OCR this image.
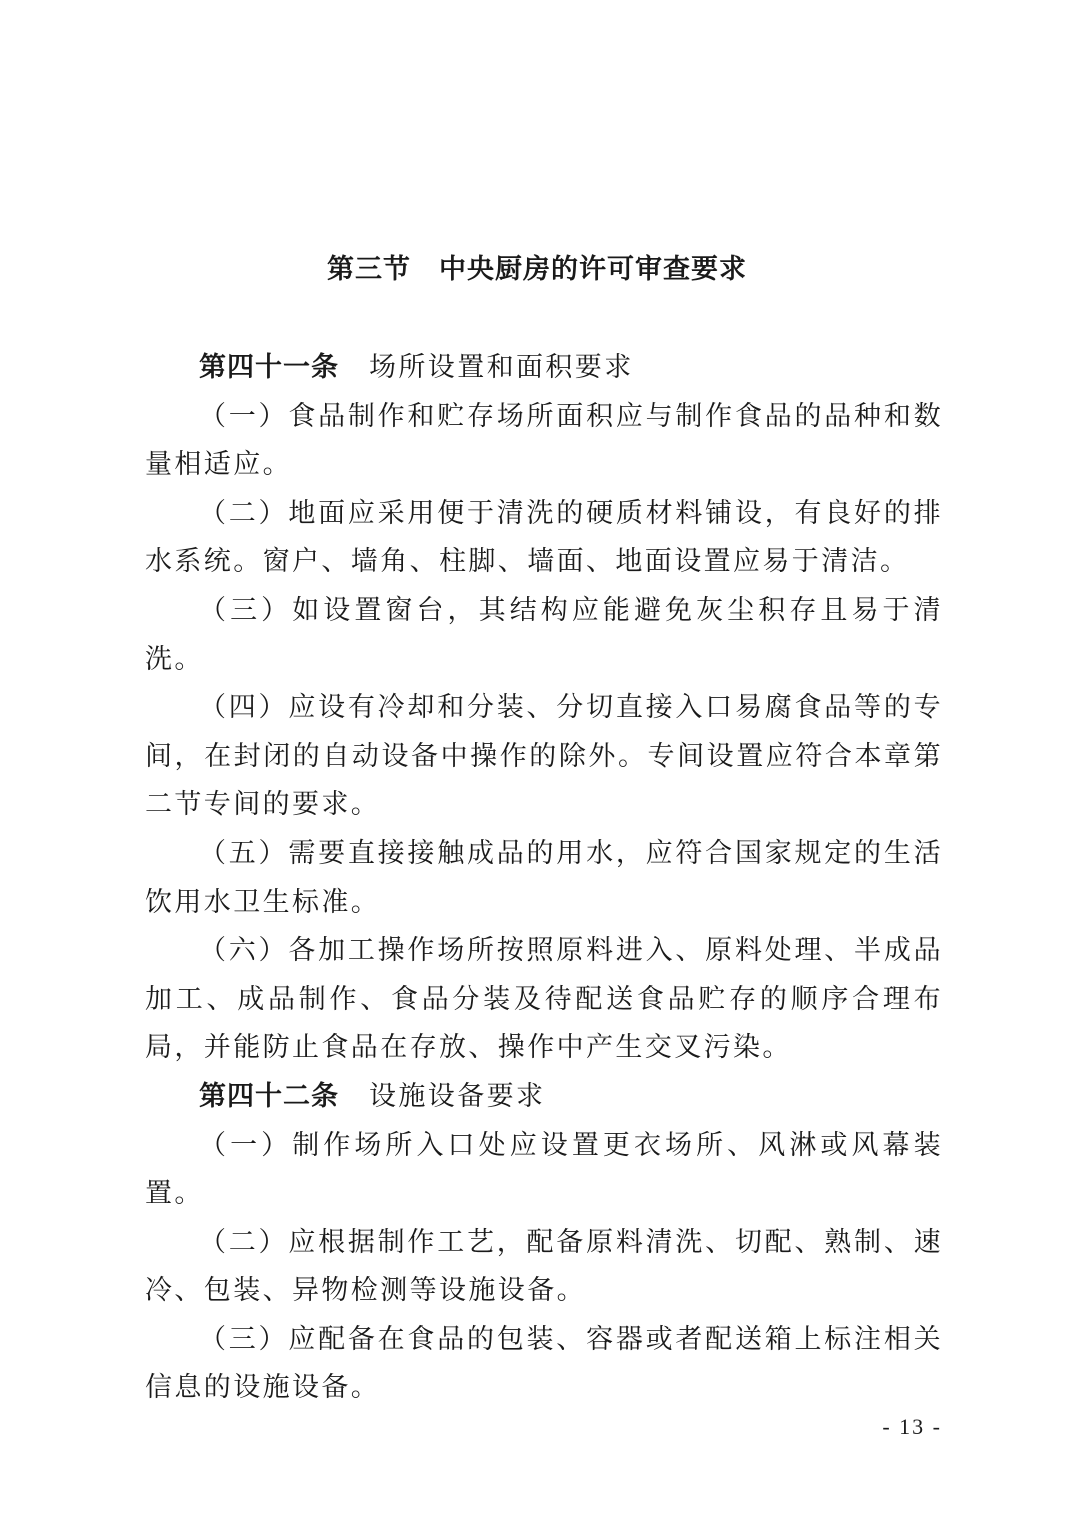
第三节　中央厨房的许可审查要求

第四十一条 场所设置和面积要求

（一）食品制作和贮存场所面积应与制作食品的品种和数量相适应。

（二）地面应采用便于清洗的硬质材料铺设，有良好的排水系统。窗户、墙角、柱脚、墙面、地面设置应易于清洁。

（三）如设置窗台，其结构应能避免灰尘积存且易于清洗。

（四）应设有冷却和分装、分切直接入口易腐食品等的专间，在封闭的自动设备中操作的除外。专间设置应符合本章第二节专间的要求。

（五）需要直接接触成品的用水，应符合国家规定的生活饮用水卫生标准。

（六）各加工操作场所按照原料进入、原料处理、半成品加工、成品制作、食品分装及待配送食品贮存的顺序合理布局，并能防止食品在存放、操作中产生交叉污染。

第四十二条 设施设备要求

（一）制作场所入口处应设置更衣场所、风淋或风幕装置。

（二）应根据制作工艺，配备原料清洗、切配、熟制、速冷、包装、异物检测等设施设备。

（三）应配备在食品的包装、容器或者配送箱上标注相关信息的设施设备。

- 13 -
